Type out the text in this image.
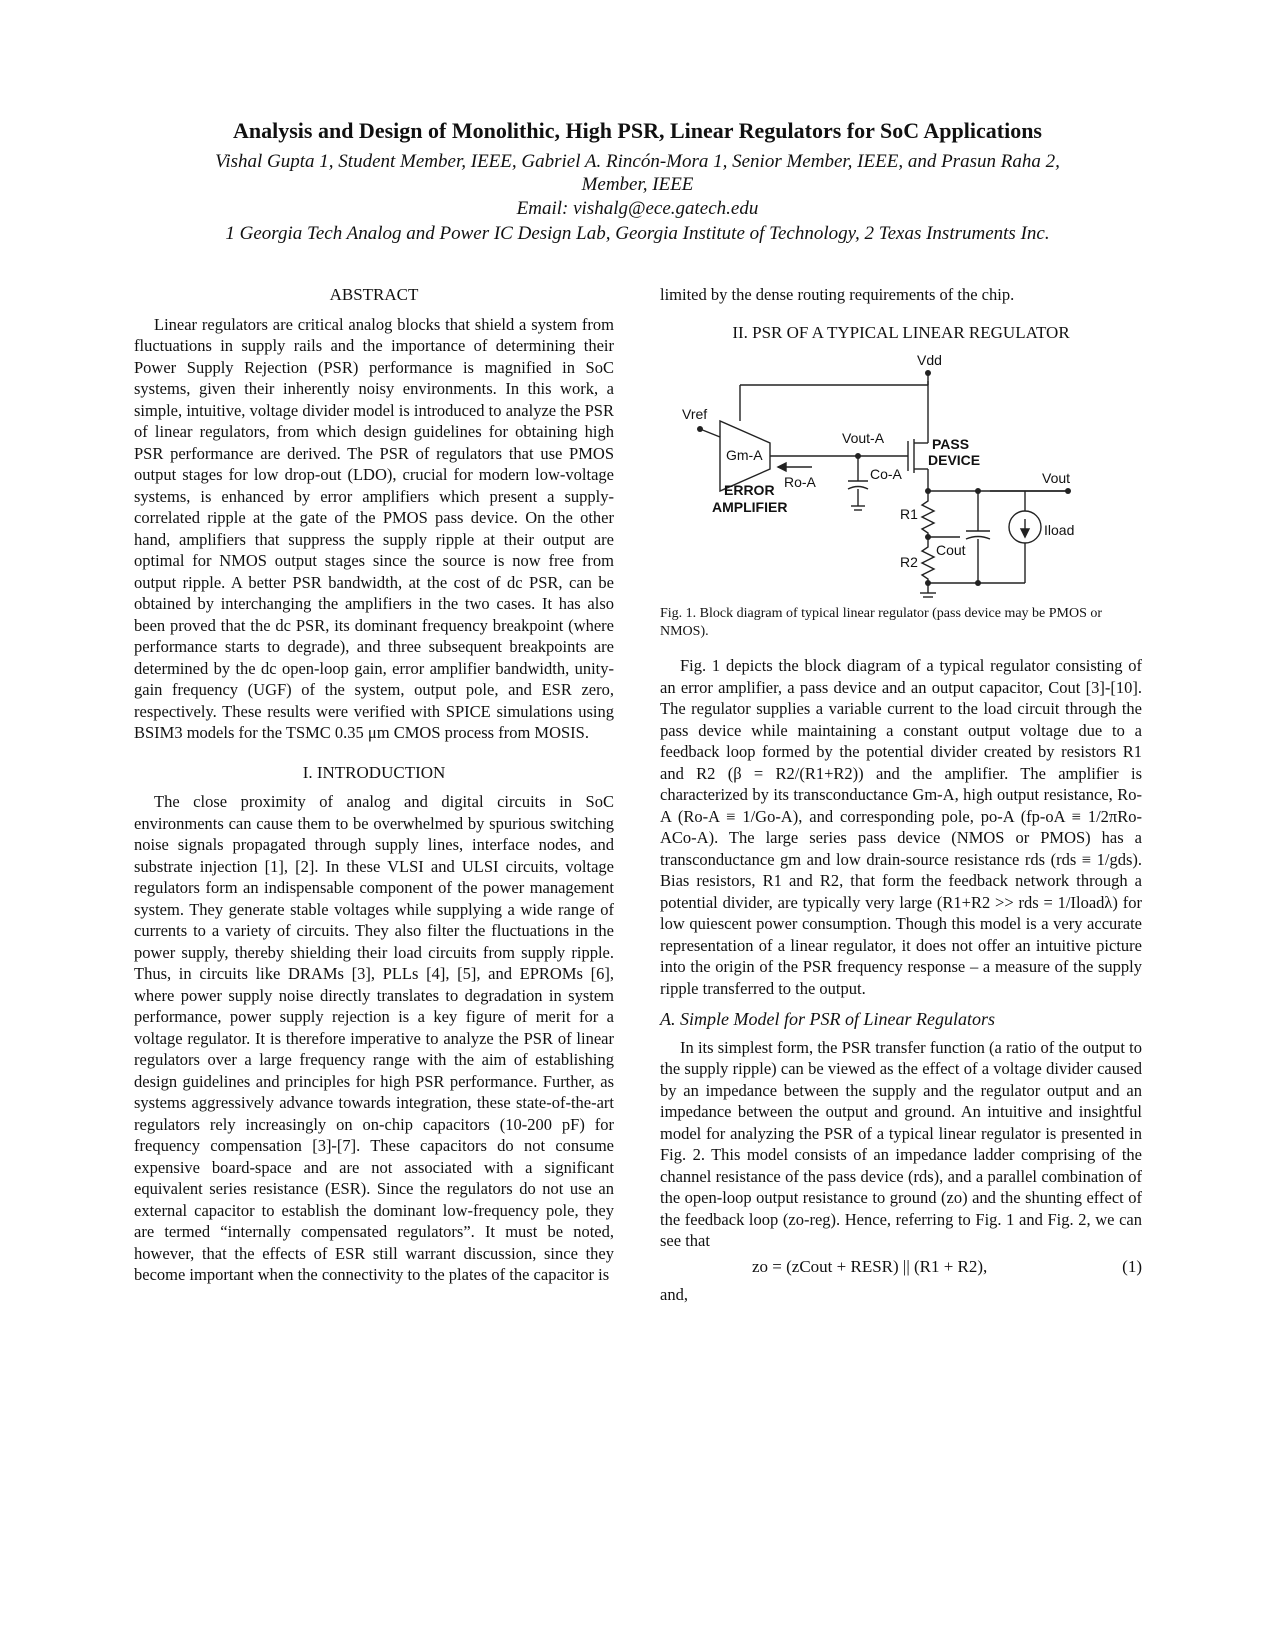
Analysis and Design of Monolithic, High PSR, Linear Regulators for SoC Applications
Vishal Gupta 1, Student Member, IEEE, Gabriel A. Rincón-Mora 1, Senior Member, IEEE, and Prasun Raha 2,
Member, IEEE
Email: vishalg@ece.gatech.edu
1 Georgia Tech Analog and Power IC Design Lab, Georgia Institute of Technology, 2 Texas Instruments Inc.
ABSTRACT

Linear regulators are critical analog blocks that shield a system from fluctuations in supply rails and the importance of determining their Power Supply Rejection (PSR) performance is magnified in SoC systems, given their inherently noisy environments. In this work, a simple, intuitive, voltage divider model is introduced to analyze the PSR of linear regulators, from which design guidelines for obtaining high PSR performance are derived. The PSR of regulators that use PMOS output stages for low drop-out (LDO), crucial for modern low-voltage systems, is enhanced by error amplifiers which present a supply-correlated ripple at the gate of the PMOS pass device. On the other hand, amplifiers that suppress the supply ripple at their output are optimal for NMOS output stages since the source is now free from output ripple. A better PSR bandwidth, at the cost of dc PSR, can be obtained by interchanging the amplifiers in the two cases. It has also been proved that the dc PSR, its dominant frequency breakpoint (where performance starts to degrade), and three subsequent breakpoints are determined by the dc open-loop gain, error amplifier bandwidth, unity-gain frequency (UGF) of the system, output pole, and ESR zero, respectively. These results were verified with SPICE simulations using BSIM3 models for the TSMC 0.35 μm CMOS process from MOSIS.

I. INTRODUCTION

The close proximity of analog and digital circuits in SoC environments can cause them to be overwhelmed by spurious switching noise signals propagated through supply lines, interface nodes, and substrate injection [1], [2]. In these VLSI and ULSI circuits, voltage regulators form an indispensable component of the power management system. They generate stable voltages while supplying a wide range of currents to a variety of circuits. They also filter the fluctuations in the power supply, thereby shielding their load circuits from supply ripple. Thus, in circuits like DRAMs [3], PLLs [4], [5], and EPROMs [6], where power supply noise directly translates to degradation in system performance, power supply rejection is a key figure of merit for a voltage regulator. It is therefore imperative to analyze the PSR of linear regulators over a large frequency range with the aim of establishing design guidelines and principles for high PSR performance. Further, as systems aggressively advance towards integration, these state-of-the-art regulators rely increasingly on on-chip capacitors (10-200 pF) for frequency compensation [3]-[7]. These capacitors do not consume expensive board-space and are not associated with a significant equivalent series resistance (ESR). Since the regulators do not use an external capacitor to establish the dominant low-frequency pole, they are termed “internally compensated regulators”. It must be noted, however, that the effects of ESR still warrant discussion, since they become important when the connectivity to the plates of the capacitor is

limited by the dense routing requirements of the chip.

II. PSR OF A TYPICAL LINEAR REGULATOR
Vdd
Vref
Gm-A
Vout-A	PASS
DEVICE
Ro-A	Co-A
ERROR
AMPLIFIER
Vout
R1
Cout
Iload
R2
Fig. 1. Block diagram of typical linear regulator (pass device may be PMOS or NMOS).

Fig. 1 depicts the block diagram of a typical regulator consisting of an error amplifier, a pass device and an output capacitor, Cout [3]-[10]. The regulator supplies a variable current to the load circuit through the pass device while maintaining a constant output voltage due to a feedback loop formed by the potential divider created by resistors R1 and R2 (β = R2/(R1+R2)) and the amplifier. The amplifier is characterized by its transconductance Gm-A, high output resistance, Ro-A (Ro-A ≡ 1/Go-A), and corresponding pole, po-A (fp-oA ≡ 1/2πRo-ACo-A). The large series pass device (NMOS or PMOS) has a transconductance gm and low drain-source resistance rds (rds ≡ 1/gds). Bias resistors, R1 and R2, that form the feedback network through a potential divider, are typically very large (R1+R2 >> rds = 1/Iloadλ) for low quiescent power consumption. Though this model is a very accurate representation of a linear regulator, it does not offer an intuitive picture into the origin of the PSR frequency response – a measure of the supply ripple transferred to the output.

A. Simple Model for PSR of Linear Regulators

In its simplest form, the PSR transfer function (a ratio of the output to the supply ripple) can be viewed as the effect of a voltage divider caused by an impedance between the supply and the regulator output and an impedance between the output and ground. An intuitive and insightful model for analyzing the PSR of a typical linear regulator is presented in Fig. 2. This model consists of an impedance ladder comprising of the channel resistance of the pass device (rds), and a parallel combination of the open-loop output resistance to ground (zo) and the shunting effect of the feedback loop (zo-reg). Hence, referring to Fig. 1 and Fig. 2, we can see that

zo = (zCout + RESR) || (R1 + R2),	(1)

and,
